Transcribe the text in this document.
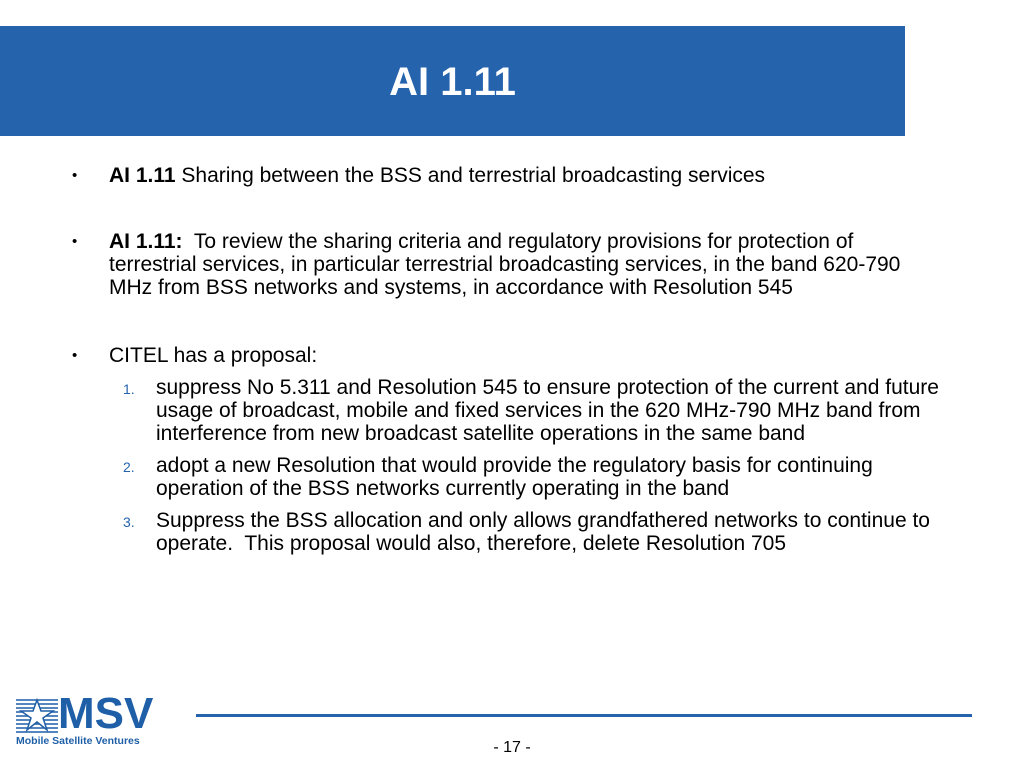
AI 1.11
• AI 1.11 Sharing between the BSS and terrestrial broadcasting services
• AI 1.11:  To review the sharing criteria and regulatory provisions for protection of terrestrial services, in particular terrestrial broadcasting services, in the band 620-790 MHz from BSS networks and systems, in accordance with Resolution 545
• CITEL has a proposal:
1. suppress No 5.311 and Resolution 545 to ensure protection of the current and future usage of broadcast, mobile and fixed services in the 620 MHz-790 MHz band from interference from new broadcast satellite operations in the same band
2. adopt a new Resolution that would provide the regulatory basis for continuing operation of the BSS networks currently operating in the band
3. Suppress the BSS allocation and only allows grandfathered networks to continue to operate.  This proposal would also, therefore, delete Resolution 705
MSV
Mobile Satellite Ventures	- 17 -
